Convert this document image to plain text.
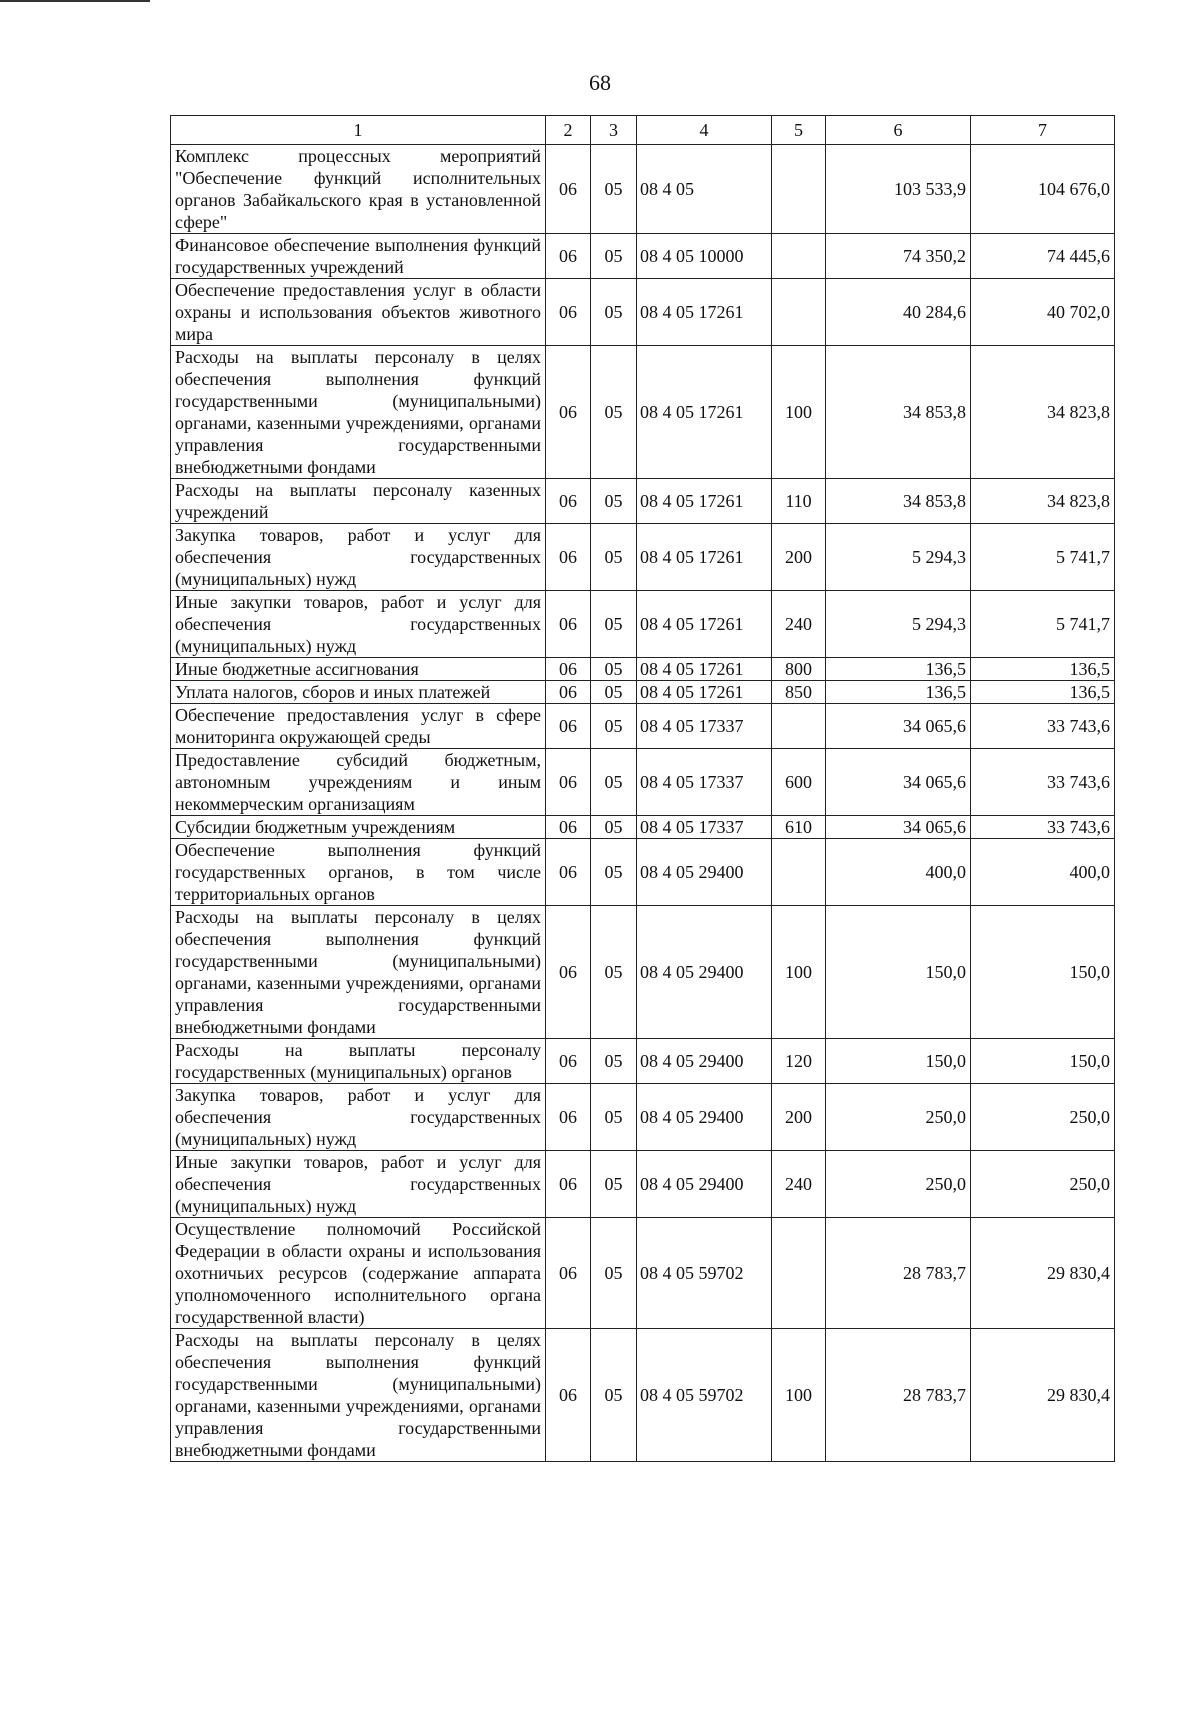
68
1	2	3	4	5	6	7
Комплекс процессных мероприятий "Обеспечение функций исполнительных органов Забайкальского края в установленной сфере"	06	05	08 4 05		103 533,9	104 676,0
Финансовое обеспечение выполнения функций государственных учреждений	06	05	08 4 05 10000		74 350,2	74 445,6
Обеспечение предоставления услуг в области охраны и использования объектов животного мира	06	05	08 4 05 17261		40 284,6	40 702,0
Расходы на выплаты персоналу в целях обеспечения выполнения функций государственными (муниципальными) органами, казенными учреждениями, органами управления государственными внебюджетными фондами	06	05	08 4 05 17261	100	34 853,8	34 823,8
Расходы на выплаты персоналу казенных учреждений	06	05	08 4 05 17261	110	34 853,8	34 823,8
Закупка товаров, работ и услуг для обеспечения государственных (муниципальных) нужд	06	05	08 4 05 17261	200	5 294,3	5 741,7
Иные закупки товаров, работ и услуг для обеспечения государственных (муниципальных) нужд	06	05	08 4 05 17261	240	5 294,3	5 741,7
Иные бюджетные ассигнования	06	05	08 4 05 17261	800	136,5	136,5
Уплата налогов, сборов и иных платежей	06	05	08 4 05 17261	850	136,5	136,5
Обеспечение предоставления услуг в сфере мониторинга окружающей среды	06	05	08 4 05 17337		34 065,6	33 743,6
Предоставление субсидий бюджетным, автономным учреждениям и иным некоммерческим организациям	06	05	08 4 05 17337	600	34 065,6	33 743,6
Субсидии бюджетным учреждениям	06	05	08 4 05 17337	610	34 065,6	33 743,6
Обеспечение выполнения функций государственных органов, в том числе территориальных органов	06	05	08 4 05 29400		400,0	400,0
Расходы на выплаты персоналу в целях обеспечения выполнения функций государственными (муниципальными) органами, казенными учреждениями, органами управления государственными внебюджетными фондами	06	05	08 4 05 29400	100	150,0	150,0
Расходы на выплаты персоналу государственных (муниципальных) органов	06	05	08 4 05 29400	120	150,0	150,0
Закупка товаров, работ и услуг для обеспечения государственных (муниципальных) нужд	06	05	08 4 05 29400	200	250,0	250,0
Иные закупки товаров, работ и услуг для обеспечения государственных (муниципальных) нужд	06	05	08 4 05 29400	240	250,0	250,0
Осуществление полномочий Российской Федерации в области охраны и использования охотничьих ресурсов (содержание аппарата уполномоченного исполнительного органа государственной власти)	06	05	08 4 05 59702		28 783,7	29 830,4
Расходы на выплаты персоналу в целях обеспечения выполнения функций государственными (муниципальными) органами, казенными учреждениями, органами управления государственными внебюджетными фондами	06	05	08 4 05 59702	100	28 783,7	29 830,4
